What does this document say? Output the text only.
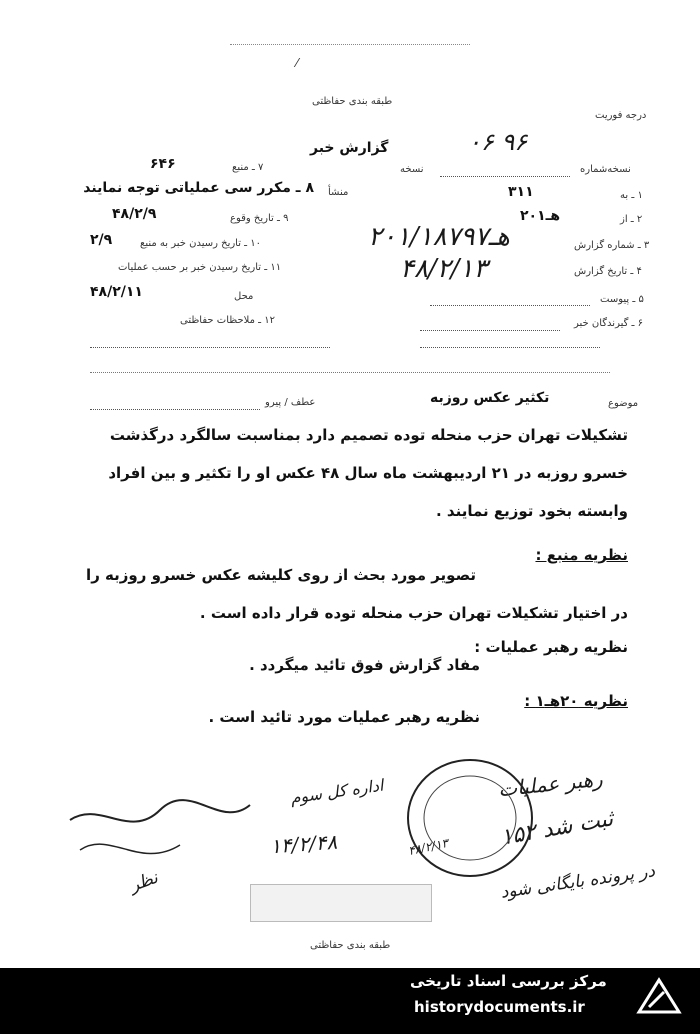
⁄
درجه فوریت
طبقه بندی حفاظتی
گزارش خبر	۰۶ ۹۶
نسخه‌شماره
نسخه
۷ ـ منبع
۶۴۶
منشأ
۸ ـ مکرر سی عملیاتی توجه نمایند
۹ ـ تاریخ وقوع
۴۸/۲/۹
۱۰ ـ تاریخ رسیدن خبر به منبع
۲/۹
۱۱ ـ تاریخ رسیدن خبر بر حسب عملیات
محل
۴۸/۲/۱۱
۱۲ ـ ملاحظات حفاظتی
عطف / پیرو
۱ ـ به
۳۱۱
۲ ـ از
۲۰هـ۱
۳ ـ شماره گزارش
۲۰هـ۱/۱۸۷۹۷
۴ ـ تاریخ گزارش
۴۸/۲/۱۳
۵ ـ پیوست
۶ ـ گیرندگان خبر
موضوع
تکثیر عکس روزبه
تشکیلات تهران حزب منحله توده تصمیم دارد بمناسبت سالگرد درگذشت
خسرو روزبه در ۲۱ اردیبهشت ماه سال ۴۸ عکس او را تکثیر و بین افراد
وابسته بخود توزیع نمایند .
نظریه منبع :
تصویر مورد بحث از روی کلیشه عکس خسرو روزبه را
در اختیار تشکیلات تهران حزب منحله توده قرار داده است .
نظریه رهبر عملیات :
مفاد گزارش فوق تائید میگردد .
نظریه ۲۰هـ۱ :
نظریه رهبر عملیات مورد تائید است .
رهبر عملیات
ثبت شد ۱۵۲
اداره کل سوم
۱۴/۲/۴۸
در پرونده بایگانی شود
نظر
۴۸/۲/۱۳
طبقه بندی حفاظتی
مرکز بررسی اسناد تاریخی
historydocuments.ir
